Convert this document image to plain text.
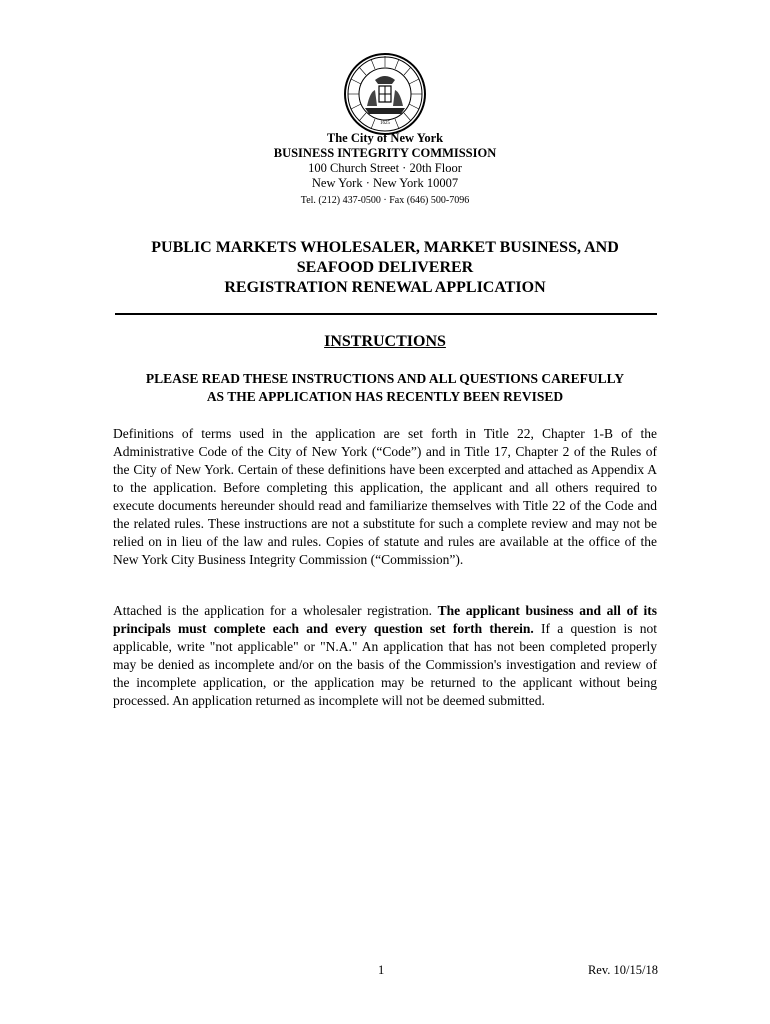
1625
The City of New York
BUSINESS INTEGRITY COMMISSION
100 Church Street · 20th Floor
New York · New York 10007
Tel. (212) 437-0500 · Fax (646) 500-7096
PUBLIC MARKETS WHOLESALER, MARKET BUSINESS, AND
SEAFOOD DELIVERER
REGISTRATION RENEWAL APPLICATION
INSTRUCTIONS
PLEASE READ THESE INSTRUCTIONS AND ALL QUESTIONS CAREFULLY
AS THE APPLICATION HAS RECENTLY BEEN REVISED
Definitions of terms used in the application are set forth in Title 22, Chapter 1-B of the Administrative Code of the City of New York (“Code”) and in Title 17, Chapter 2 of the Rules of the City of New York. Certain of these definitions have been excerpted and attached as Appendix A to the application. Before completing this application, the applicant and all others required to execute documents hereunder should read and familiarize themselves with Title 22 of the Code and the related rules. These instructions are not a substitute for such a complete review and may not be relied on in lieu of the law and rules. Copies of statute and rules are available at the office of the New York City Business Integrity Commission (“Commission”).
Attached is the application for a wholesaler registration. The applicant business and all of its principals must complete each and every question set forth therein. If a question is not applicable, write "not applicable" or "N.A." An application that has not been completed properly may be denied as incomplete and/or on the basis of the Commission's investigation and review of the incomplete application, or the application may be returned to the applicant without being processed. An application returned as incomplete will not be deemed submitted.
1	Rev. 10/15/18
